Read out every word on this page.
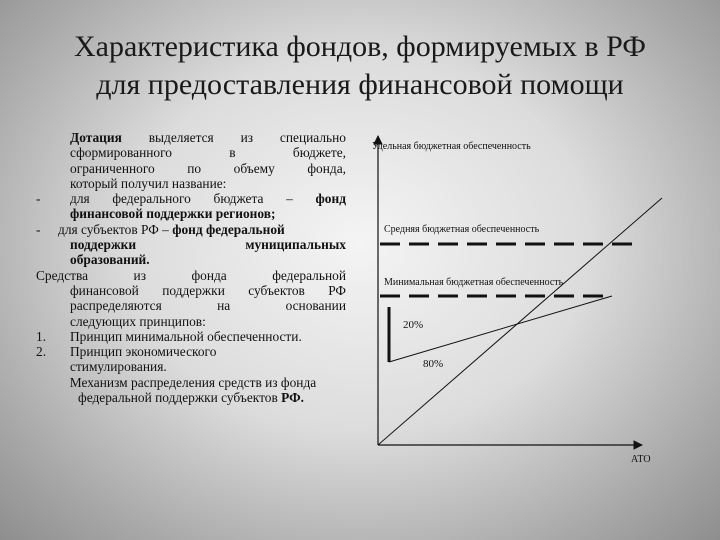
Характеристика фондов, формируемых в РФ
для предоставления финансовой помощи
Дотация выделяется из специально
сформированного в бюджете,
ограниченного по объему фонда,
который получил название:
- для федерального бюджета – фонд
финансовой поддержки регионов;
- для субъектов РФ – фонд федеральной
поддержки муниципальных
образований.
Средства из фонда федеральной
финансовой поддержки субъектов РФ
распределяются на основании
следующих принципов:
1. Принцип минимальной обеспеченности.
2. Принцип экономического
стимулирования.
Механизм распределения средств из фонда
федеральной поддержки субъектов РФ.
Удельная бюджетная обеспеченность
Средняя бюджетная обеспеченность
Минимальная бюджетная обеспеченность
20%
80%
АТО
